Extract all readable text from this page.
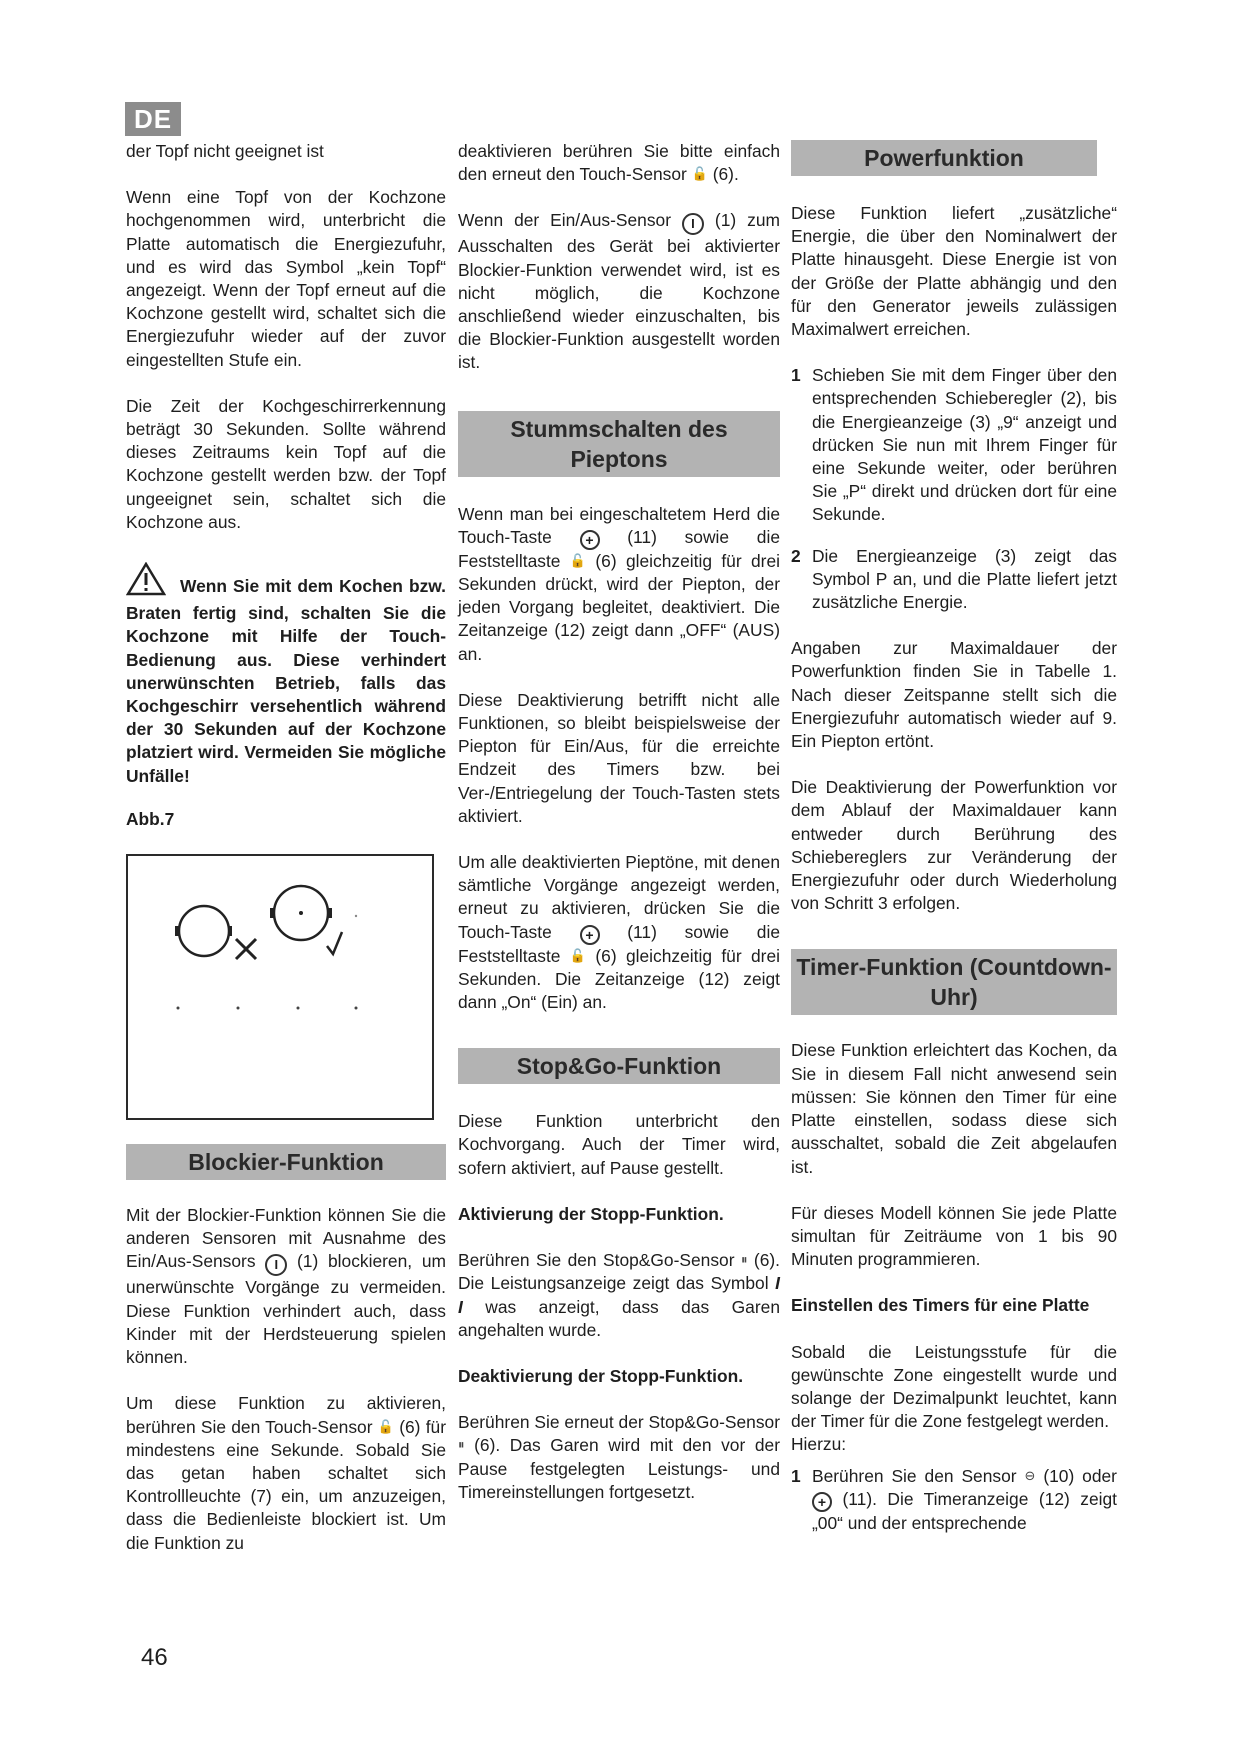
DE

der Topf nicht geeignet ist

Wenn eine Topf von der Kochzone hochgenommen wird, unterbricht die Platte automatisch die Energiezufuhr, und es wird das Symbol „kein Topf“ angezeigt. Wenn der Topf erneut auf die Kochzone gestellt wird, schaltet sich die Energiezufuhr wieder auf der zuvor eingestellten Stufe ein.

Die Zeit der Kochgeschirrerkennung beträgt 30 Sekunden. Sollte während dieses Zeitraums kein Topf auf die Kochzone gestellt werden bzw. der Topf ungeeignet sein, schaltet sich die Kochzone aus.

Wenn Sie mit dem Kochen bzw. Braten fertig sind, schalten Sie die Kochzone mit Hilfe der Touch-Bedienung aus. Diese verhindert unerwünschten Betrieb, falls das Kochgeschirr versehentlich während der 30 Sekunden auf der Kochzone platziert wird. Vermeiden Sie mögliche Unfälle!
Abb.7
Blockier-Funktion

Mit der Blockier-Funktion können Sie die anderen Sensoren mit Ausnahme des Ein/Aus-Sensors I (1) blockieren, um unerwünschte Vorgänge zu vermeiden. Diese Funktion verhindert auch, dass Kinder mit der Herdsteuerung spielen können.

Um diese Funktion zu aktivieren, berühren Sie den Touch-Sensor 🔓 (6) für mindestens eine Sekunde. Sobald Sie das getan haben schaltet sich Kontrollleuchte (7) ein, um anzuzeigen, dass die Bedienleiste blockiert ist. Um die Funktion zu

deaktivieren berühren Sie bitte einfach den erneut den Touch-Sensor 🔓 (6).

Wenn der Ein/Aus-Sensor I (1) zum Ausschalten des Gerät bei aktivierter Blockier-Funktion verwendet wird, ist es nicht möglich, die Kochzone anschließend wieder einzuschalten, bis die Blockier-Funktion ausgestellt worden ist.

Stummschalten des Pieptons

Wenn man bei eingeschaltetem Herd die Touch-Taste + (11) sowie die Feststelltaste 🔓 (6) gleichzeitig für drei Sekunden drückt, wird der Piepton, der jeden Vorgang begleitet, deaktiviert. Die Zeitanzeige (12) zeigt dann „OFF“ (AUS) an.

Diese Deaktivierung betrifft nicht alle Funktionen, so bleibt beispielsweise der Piepton für Ein/Aus, für die erreichte Endzeit des Timers bzw. bei Ver-/Entriegelung der Touch-Tasten stets aktiviert.

Um alle deaktivierten Pieptöne, mit denen sämtliche Vorgänge angezeigt werden, erneut zu aktivieren, drücken Sie die Touch-Taste + (11) sowie die Feststelltaste 🔓 (6) gleichzeitig für drei Sekunden. Die Zeitanzeige (12) zeigt dann „On“ (Ein) an.

Stop&Go-Funktion

Diese Funktion unterbricht den Kochvorgang. Auch der Timer wird, sofern aktiviert, auf Pause gestellt.

Aktivierung der Stopp-Funktion.

Berühren Sie den Stop&Go-Sensor ⏸ (6). Die Leistungsanzeige zeigt das Symbol I I was anzeigt, dass das Garen angehalten wurde.

Deaktivierung der Stopp-Funktion.

Berühren Sie erneut der Stop&Go-Sensor ⏸ (6). Das Garen wird mit den vor der Pause festgelegten Leistungs- und Timereinstellungen fortgesetzt.

Powerfunktion

Diese Funktion liefert „zusätzliche“ Energie, die über den Nominalwert der Platte hinausgeht. Diese Energie ist von der Größe der Platte abhängig und den für den Generator jeweils zulässigen Maximalwert erreichen.

1 Schieben Sie mit dem Finger über den entsprechenden Schieberegler (2), bis die Energieanzeige (3) „9“ anzeigt und drücken Sie nun mit Ihrem Finger für eine Sekunde weiter, oder berühren Sie „P“ direkt und drücken dort für eine Sekunde.
2 Die Energieanzeige (3) zeigt das Symbol P an, und die Platte liefert jetzt zusätzliche Energie.

Angaben zur Maximaldauer der Powerfunktion finden Sie in Tabelle 1. Nach dieser Zeitspanne stellt sich die Energiezufuhr automatisch wieder auf 9. Ein Piepton ertönt.

Die Deaktivierung der Powerfunktion vor dem Ablauf der Maximaldauer kann entweder durch Berührung des Schiebereglers zur Veränderung der Energiezufuhr oder durch Wiederholung von Schritt 3 erfolgen.

Timer-Funktion (Countdown-Uhr)

Diese Funktion erleichtert das Kochen, da Sie in diesem Fall nicht anwesend sein müssen: Sie können den Timer für eine Platte einstellen, sodass diese sich ausschaltet, sobald die Zeit abgelaufen ist.

Für dieses Modell können Sie jede Platte simultan für Zeiträume von 1 bis 90 Minuten programmieren.

Einstellen des Timers für eine Platte

Sobald die Leistungsstufe für die gewünschte Zone eingestellt wurde und solange der Dezimalpunkt leuchtet, kann der Timer für die Zone festgelegt werden.

Hierzu:

1 Berühren Sie den Sensor ⊖ (10) oder + (11). Die Timeranzeige (12) zeigt „00“ und der entsprechende
46
